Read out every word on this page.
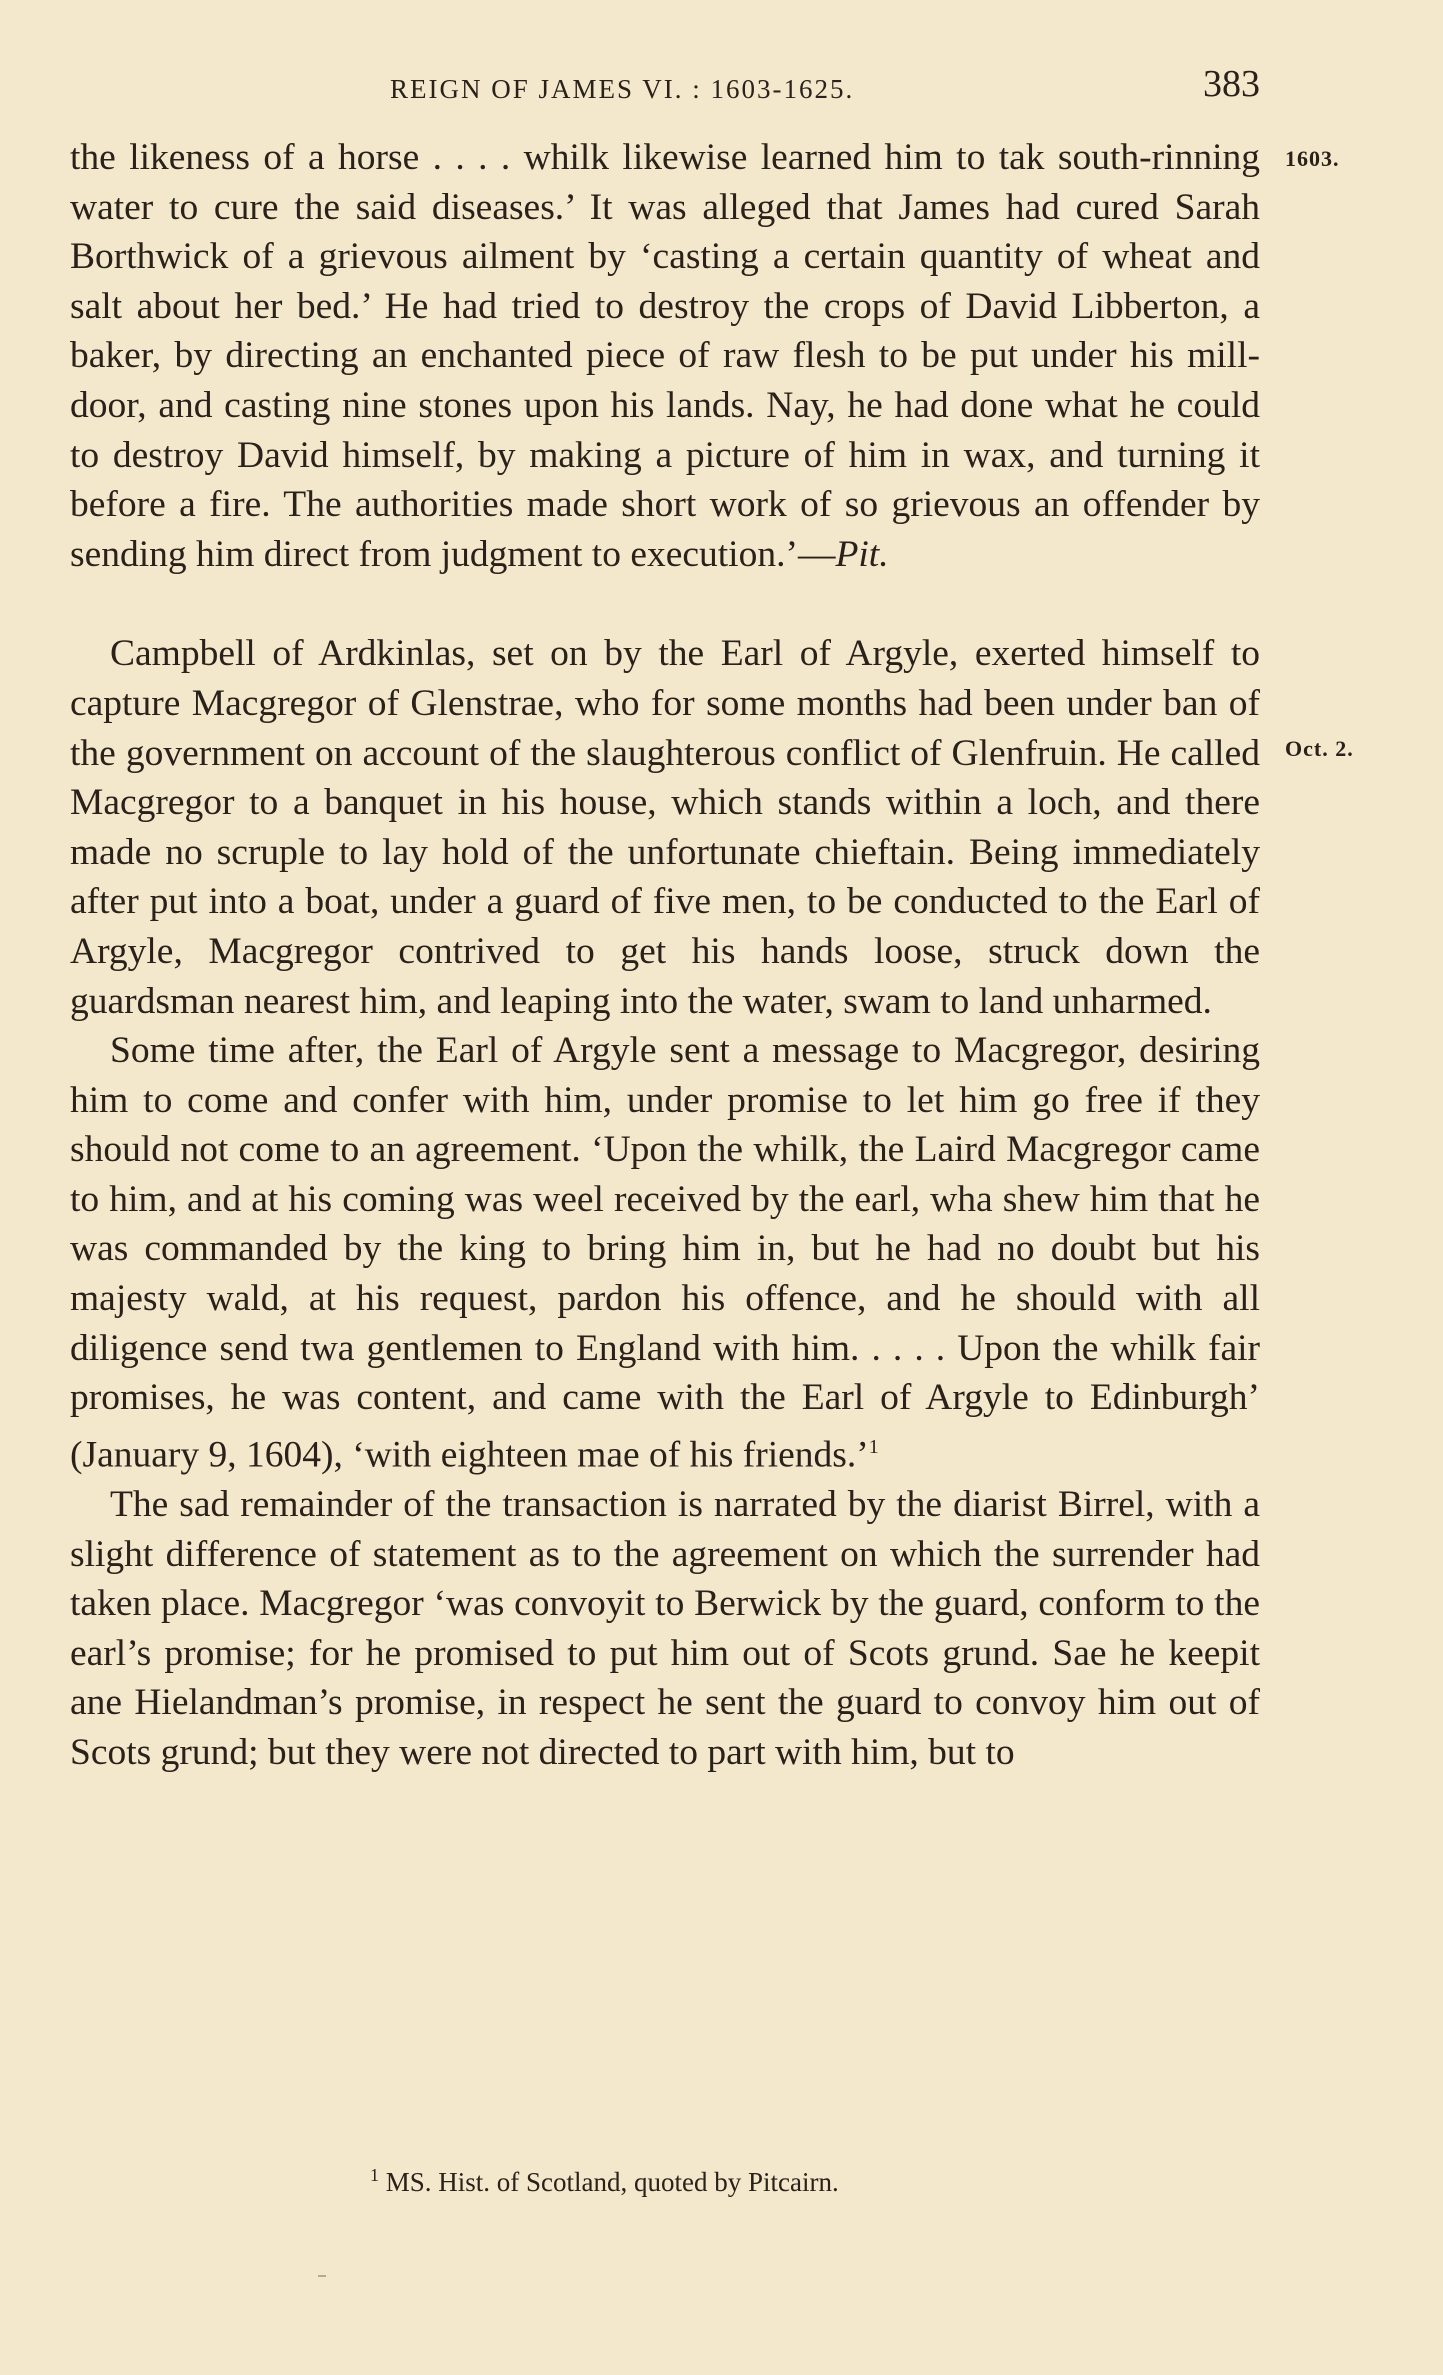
REIGN OF JAMES VI. : 1603-1625.	383
1603.
Oct. 2.

the likeness of a horse . . . . whilk likewise learned him to tak south-rinning water to cure the said diseases.’ It was alleged that James had cured Sarah Borthwick of a grievous ailment by ‘casting a certain quantity of wheat and salt about her bed.’ He had tried to destroy the crops of David Libberton, a baker, by directing an enchanted piece of raw flesh to be put under his mill-door, and casting nine stones upon his lands. Nay, he had done what he could to destroy David himself, by making a picture of him in wax, and turning it before a fire. The authorities made short work of so grievous an offender by sending him direct from judgment to execution.’—Pit.

Campbell of Ardkinlas, set on by the Earl of Argyle, exerted himself to capture Macgregor of Glenstrae, who for some months had been under ban of the government on account of the slaughterous conflict of Glenfruin. He called Macgregor to a banquet in his house, which stands within a loch, and there made no scruple to lay hold of the unfortunate chieftain. Being immediately after put into a boat, under a guard of five men, to be conducted to the Earl of Argyle, Macgregor contrived to get his hands loose, struck down the guardsman nearest him, and leaping into the water, swam to land unharmed.

Some time after, the Earl of Argyle sent a message to Macgregor, desiring him to come and confer with him, under promise to let him go free if they should not come to an agreement. ‘Upon the whilk, the Laird Macgregor came to him, and at his coming was weel received by the earl, wha shew him that he was commanded by the king to bring him in, but he had no doubt but his majesty wald, at his request, pardon his offence, and he should with all diligence send twa gentlemen to England with him. . . . . Upon the whilk fair promises, he was content, and came with the Earl of Argyle to Edinburgh’ (January 9, 1604), ‘with eighteen mae of his friends.’$^1$

The sad remainder of the transaction is narrated by the diarist Birrel, with a slight difference of statement as to the agreement on which the surrender had taken place. Macgregor ‘was convoyit to Berwick by the guard, conform to the earl’s promise; for he promised to put him out of Scots grund. Sae he keepit ane Hielandman’s promise, in respect he sent the guard to convoy him out of Scots grund; but they were not directed to part with him, but to

$^1$ MS. Hist. of Scotland, quoted by Pitcairn.
